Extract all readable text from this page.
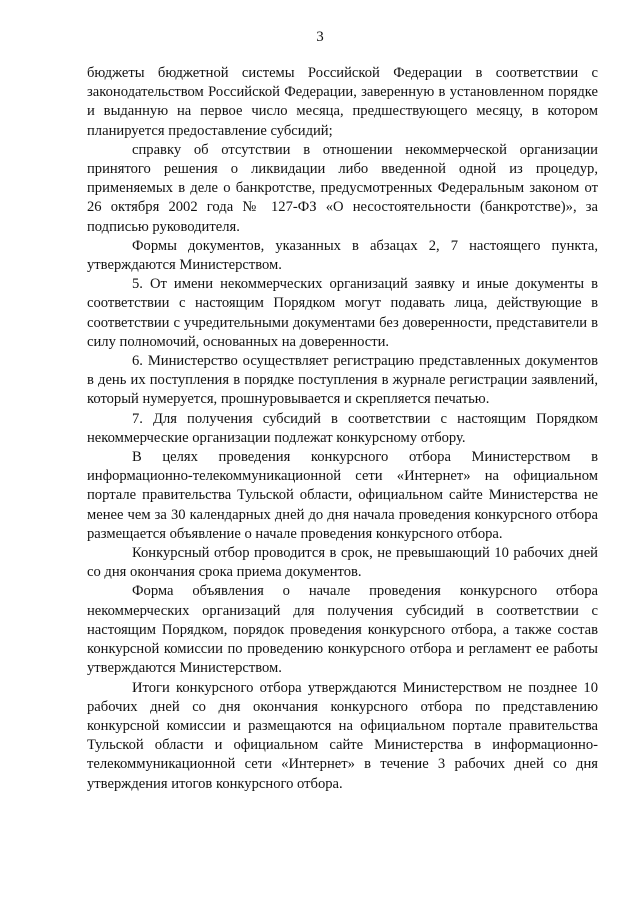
3

бюджеты бюджетной системы Российской Федерации в соответствии с законодательством Российской Федерации, заверенную в установленном порядке и выданную на первое число месяца, предшествующего месяцу, в котором планируется предоставление субсидий;

справку об отсутствии в отношении некоммерческой организации принятого решения о ликвидации либо введенной одной из процедур, применяемых в деле о банкротстве, предусмотренных Федеральным законом от 26 октября 2002 года № 127-ФЗ «О несостоятельности (банкротстве)», за подписью руководителя.

Формы документов, указанных в абзацах 2, 7 настоящего пункта, утверждаются Министерством.

5. От имени некоммерческих организаций заявку и иные документы в соответствии с настоящим Порядком могут подавать лица, действующие в соответствии с учредительными документами без доверенности, представители в силу полномочий, основанных на доверенности.

6. Министерство осуществляет регистрацию представленных документов в день их поступления в порядке поступления в журнале регистрации заявлений, который нумеруется, прошнуровывается и скрепляется печатью.

7. Для получения субсидий в соответствии с настоящим Порядком некоммерческие организации подлежат конкурсному отбору.

В целях проведения конкурсного отбора Министерством в информационно-телекоммуникационной сети «Интернет» на официальном портале правительства Тульской области, официальном сайте Министерства не менее чем за 30 календарных дней до дня начала проведения конкурсного отбора размещается объявление о начале проведения конкурсного отбора.

Конкурсный отбор проводится в срок, не превышающий 10 рабочих дней со дня окончания срока приема документов.

Форма объявления о начале проведения конкурсного отбора некоммерческих организаций для получения субсидий в соответствии с настоящим Порядком, порядок проведения конкурсного отбора, а также состав конкурсной комиссии по проведению конкурсного отбора и регламент ее работы утверждаются Министерством.

Итоги конкурсного отбора утверждаются Министерством не позднее 10 рабочих дней со дня окончания конкурсного отбора по представлению конкурсной комиссии и размещаются на официальном портале правительства Тульской области и официальном сайте Министерства в информационно-телекоммуникационной сети «Интернет» в течение 3 рабочих дней со дня утверждения итогов конкурсного отбора.
